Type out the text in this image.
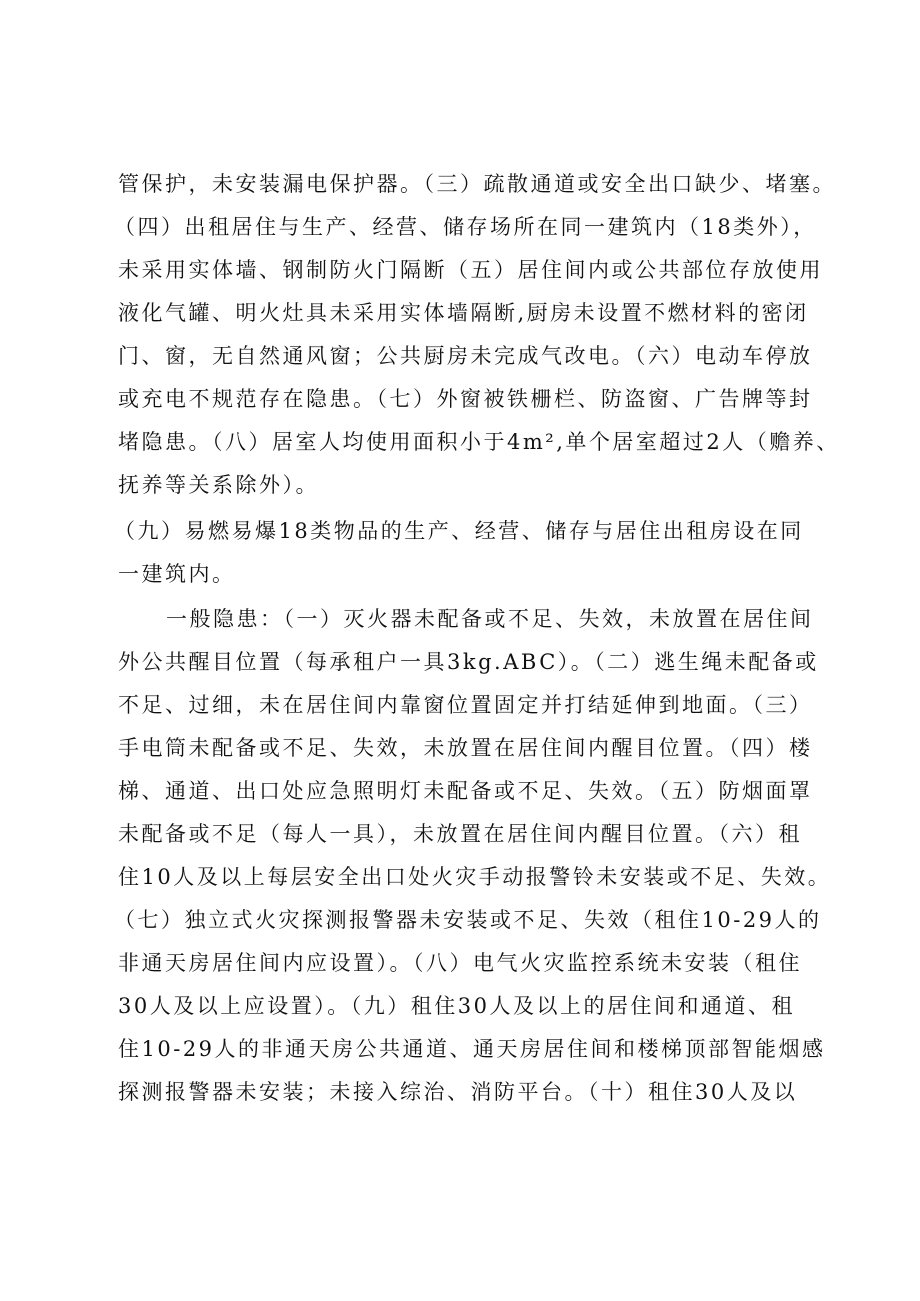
管保护，未安装漏电保护器。（三）疏散通道或安全出口缺少、堵塞。
（四）出租居住与生产、经营、储存场所在同一建筑内（18类外），
未采用实体墙、钢制防火门隔断（五）居住间内或公共部位存放使用
液化气罐、明火灶具未采用实体墙隔断,厨房未设置不燃材料的密闭
门、窗，无自然通风窗；公共厨房未完成气改电。（六）电动车停放
或充电不规范存在隐患。（七）外窗被铁栅栏、防盗窗、广告牌等封
堵隐患。（八）居室人均使用面积小于4m²,单个居室超过2人（赡养、
抚养等关系除外）。
（九）易燃易爆18类物品的生产、经营、储存与居住出租房设在同
一建筑内。
一般隐患：（一）灭火器未配备或不足、失效，未放置在居住间
外公共醒目位置（每承租户一具3kg.ABC）。（二）逃生绳未配备或
不足、过细，未在居住间内靠窗位置固定并打结延伸到地面。（三）
手电筒未配备或不足、失效，未放置在居住间内醒目位置。（四）楼
梯、通道、出口处应急照明灯未配备或不足、失效。（五）防烟面罩
未配备或不足（每人一具），未放置在居住间内醒目位置。（六）租
住10人及以上每层安全出口处火灾手动报警铃未安装或不足、失效。
（七）独立式火灾探测报警器未安装或不足、失效（租住10-29人的
非通天房居住间内应设置）。（八）电气火灾监控系统未安装（租住
30人及以上应设置）。（九）租住30人及以上的居住间和通道、租
住10-29人的非通天房公共通道、通天房居住间和楼梯顶部智能烟感
探测报警器未安装；未接入综治、消防平台。（十）租住30人及以
